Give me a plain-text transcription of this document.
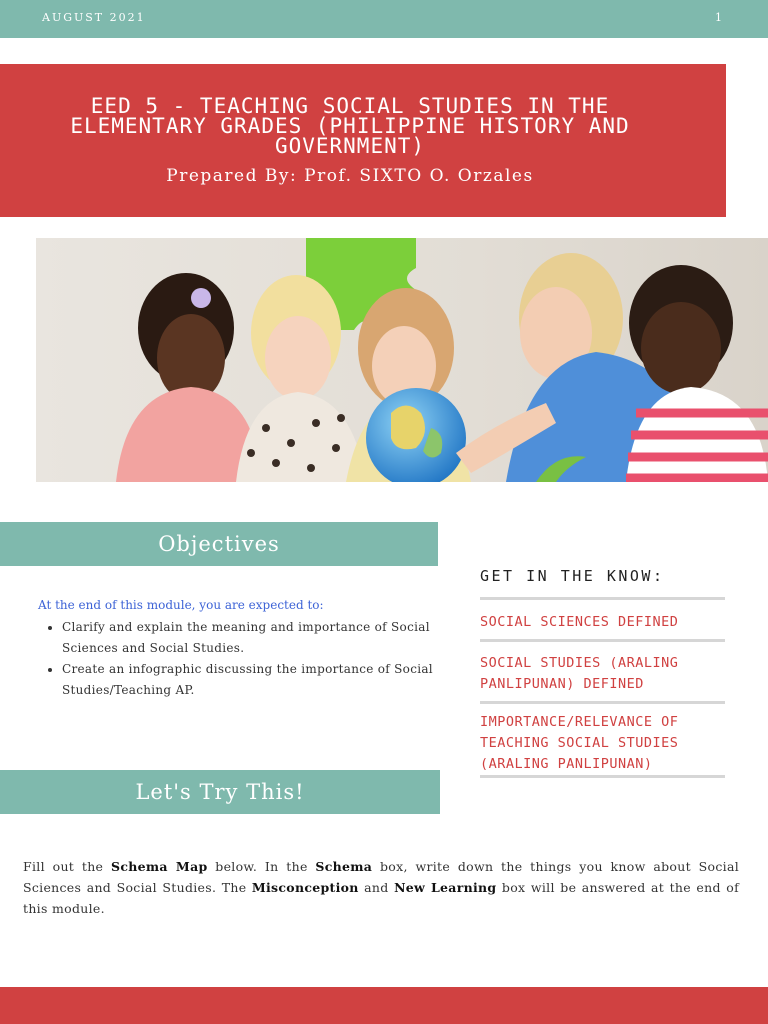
AUGUST 2021	1
EED 5 - TEACHING SOCIAL STUDIES IN THE ELEMENTARY GRADES (PHILIPPINE HISTORY AND GOVERNMENT)
Prepared By: Prof. SIXTO O. Orzales
Objectives
At the end of this module, you are expected to:
• Clarify and explain the meaning and importance of Social Sciences and Social Studies.
• Create an infographic discussing the importance of Social Studies/Teaching AP.
GET IN THE KNOW:
SOCIAL SCIENCES DEFINED
SOCIAL STUDIES (ARALING PANLIPUNAN) DEFINED
IMPORTANCE/RELEVANCE OF TEACHING SOCIAL STUDIES (ARALING PANLIPUNAN)
Let's Try This!

Fill out the Schema Map below. In the Schema box, write down the things you know about Social Sciences and Social Studies. The Misconception and New Learning box will be answered at the end of this module.
